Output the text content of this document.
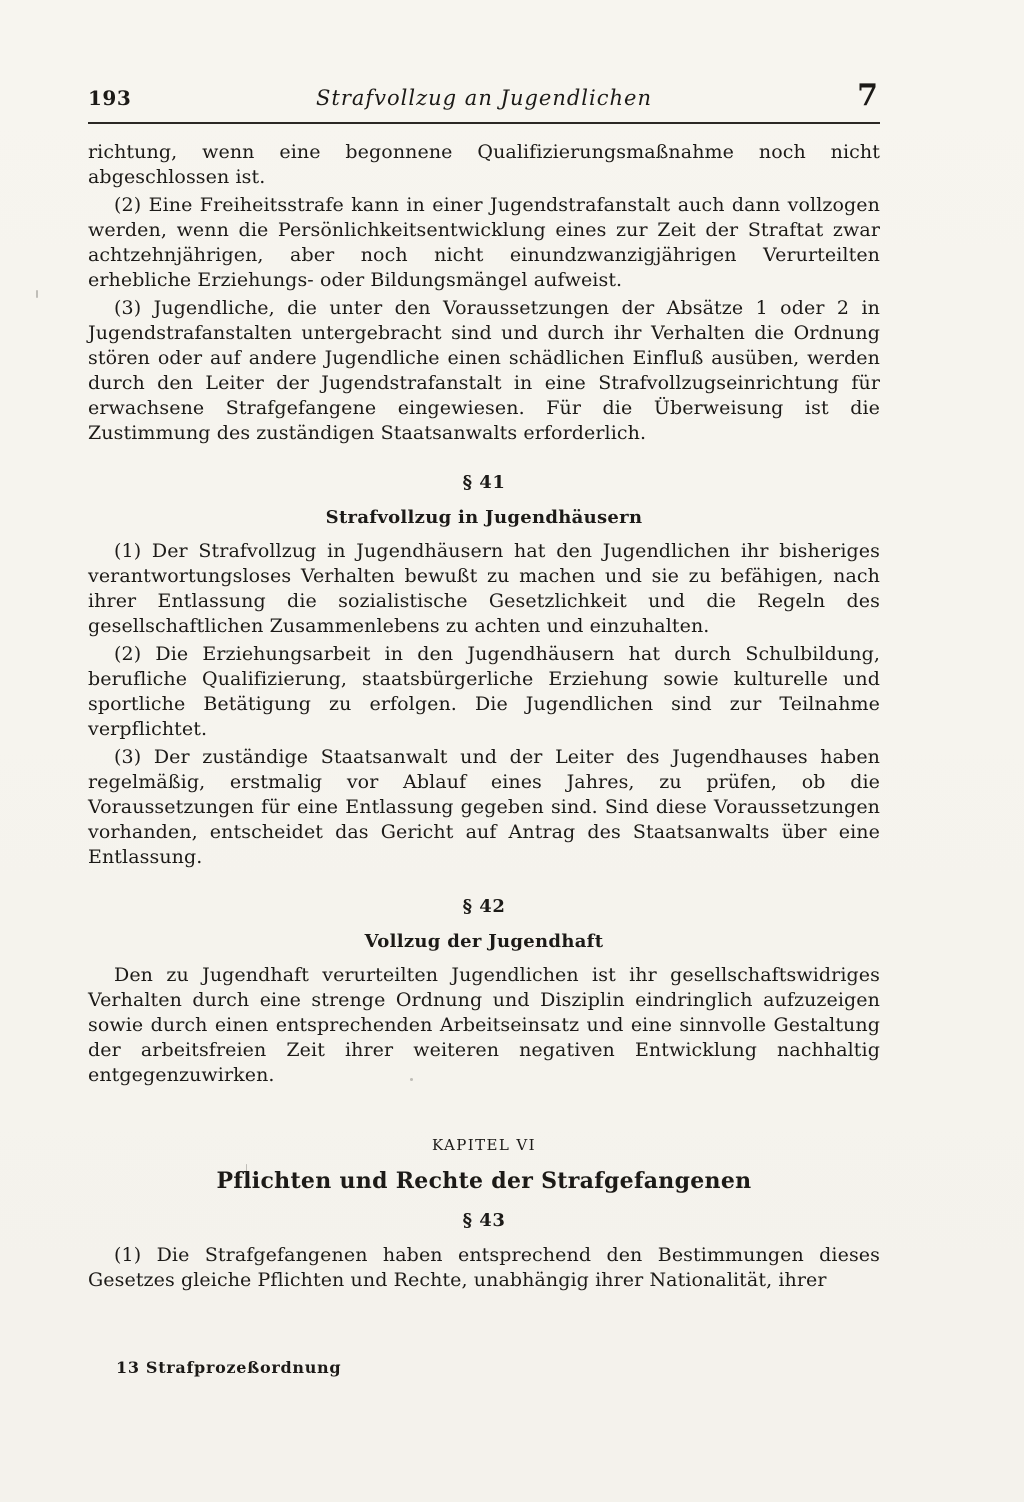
193	Strafvollzug an Jugendlichen	7

richtung, wenn eine begonnene Qualifizierungsmaßnahme noch nicht abgeschlossen ist.

(2) Eine Freiheitsstrafe kann in einer Jugendstrafanstalt auch dann vollzogen werden, wenn die Persönlichkeitsentwicklung eines zur Zeit der Straftat zwar achtzehnjährigen, aber noch nicht einundzwanzigjährigen Verurteilten erhebliche Erziehungs- oder Bildungsmängel aufweist.

(3) Jugendliche, die unter den Voraussetzungen der Absätze 1 oder 2 in Jugendstrafanstalten untergebracht sind und durch ihr Verhalten die Ordnung stören oder auf andere Jugendliche einen schädlichen Einfluß ausüben, werden durch den Leiter der Jugendstrafanstalt in eine Strafvollzugseinrichtung für erwachsene Strafgefangene eingewiesen. Für die Überweisung ist die Zustimmung des zuständigen Staatsanwalts erforderlich.

§ 41
Strafvollzug in Jugendhäusern

(1) Der Strafvollzug in Jugendhäusern hat den Jugendlichen ihr bisheriges verantwortungsloses Verhalten bewußt zu machen und sie zu befähigen, nach ihrer Entlassung die sozialistische Gesetzlichkeit und die Regeln des gesellschaftlichen Zusammenlebens zu achten und einzuhalten.

(2) Die Erziehungsarbeit in den Jugendhäusern hat durch Schulbildung, berufliche Qualifizierung, staatsbürgerliche Erziehung sowie kulturelle und sportliche Betätigung zu erfolgen. Die Jugendlichen sind zur Teilnahme verpflichtet.

(3) Der zuständige Staatsanwalt und der Leiter des Jugendhauses haben regelmäßig, erstmalig vor Ablauf eines Jahres, zu prüfen, ob die Voraussetzungen für eine Entlassung gegeben sind. Sind diese Voraussetzungen vorhanden, entscheidet das Gericht auf Antrag des Staatsanwalts über eine Entlassung.

§ 42
Vollzug der Jugendhaft

Den zu Jugendhaft verurteilten Jugendlichen ist ihr gesellschaftswidriges Verhalten durch eine strenge Ordnung und Disziplin eindringlich aufzuzeigen sowie durch einen entsprechenden Arbeitseinsatz und eine sinnvolle Gestaltung der arbeitsfreien Zeit ihrer weiteren negativen Entwicklung nachhaltig entgegenzuwirken.

KAPITEL VI
Pflichten und Rechte der Strafgefangenen
§ 43

(1) Die Strafgefangenen haben entsprechend den Bestimmungen dieses Gesetzes gleiche Pflichten und Rechte, unabhängig ihrer Nationalität, ihrer

13 Strafprozeßordnung
